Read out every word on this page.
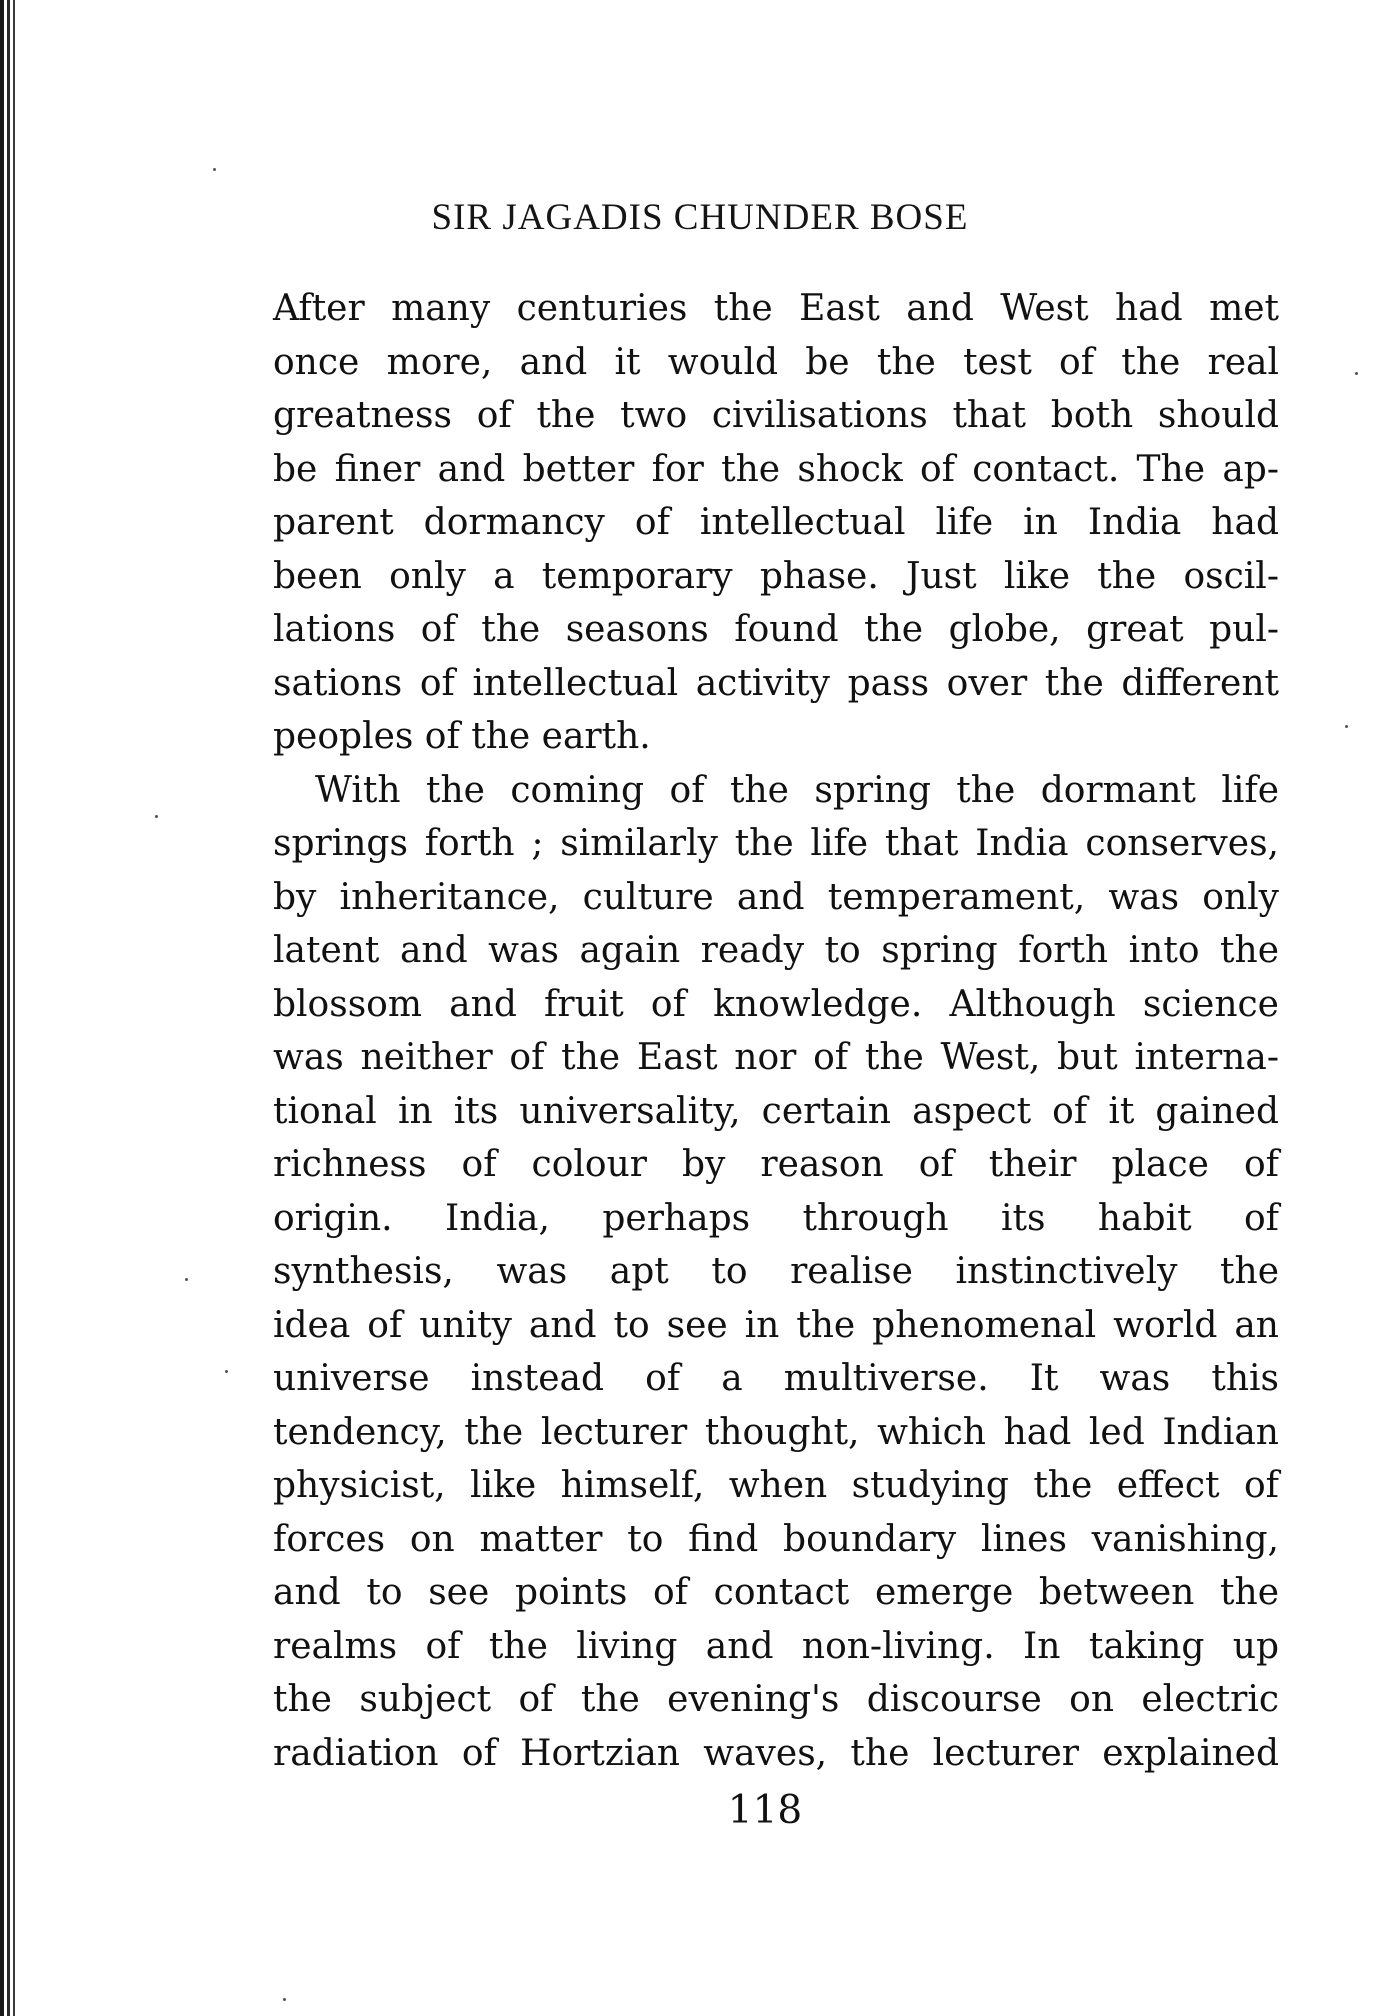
SIR JAGADIS CHUNDER BOSE
After many centuries the East and West had met
once more, and it would be the test of the real
greatness of the two civilisations that both should
be finer and better for the shock of contact. The ap-
parent dormancy of intellectual life in India had
been only a temporary phase. Just like the oscil-
lations of the seasons found the globe, great pul-
sations of intellectual activity pass over the different
peoples of the earth.
With the coming of the spring the dormant life
springs forth ; similarly the life that India conserves,
by inheritance, culture and temperament, was only
latent and was again ready to spring forth into the
blossom and fruit of knowledge. Although science
was neither of the East nor of the West, but interna-
tional in its universality, certain aspect of it gained
richness of colour by reason of their place of
origin. India, perhaps through its habit of
synthesis, was apt to realise instinctively the
idea of unity and to see in the phenomenal world an
universe instead of a multiverse. It was this
tendency, the lecturer thought, which had led Indian
physicist, like himself, when studying the effect of
forces on matter to find boundary lines vanishing,
and to see points of contact emerge between the
realms of the living and non-living. In taking up
the subject of the evening's discourse on electric
radiation of Hortzian waves, the lecturer explained
118
